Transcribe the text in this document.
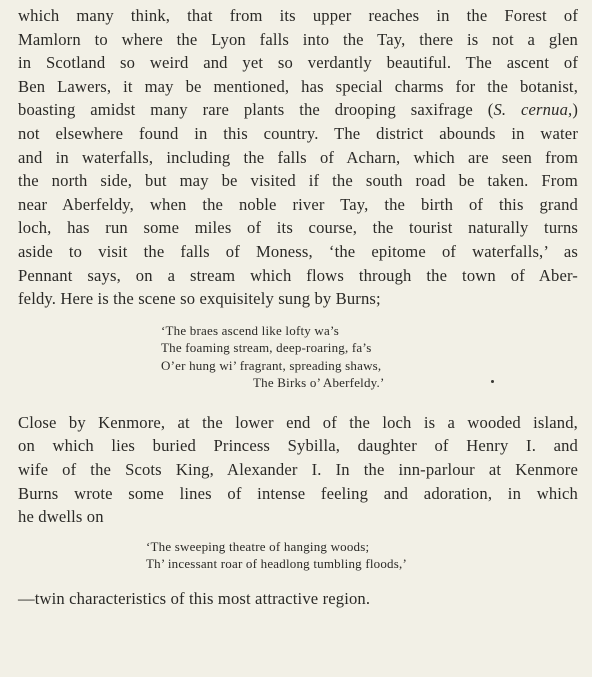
which many think, that from its upper reaches in the Forest of
Mamlorn to where the Lyon falls into the Tay, there is not a glen
in Scotland so weird and yet so verdantly beautiful. The ascent of
Ben Lawers, it may be mentioned, has special charms for the botanist,
boasting amidst many rare plants the drooping saxifrage (S. cernua,)
not elsewhere found in this country. The district abounds in water
and in waterfalls, including the falls of Acharn, which are seen from
the north side, but may be visited if the south road be taken. From
near Aberfeldy, when the noble river Tay, the birth of this grand
loch, has run some miles of its course, the tourist naturally turns
aside to visit the falls of Moness, ‘the epitome of waterfalls,’ as
Pennant says, on a stream which flows through the town of Aber-
feldy. Here is the scene so exquisitely sung by Burns;

‘The braes ascend like lofty wa’s
The foaming stream, deep-roaring, fa’s
O’er hung wi’ fragrant, spreading shaws,
The Birks o’ Aberfeldy.’

Close by Kenmore, at the lower end of the loch is a wooded island,
on which lies buried Princess Sybilla, daughter of Henry I. and
wife of the Scots King, Alexander I. In the inn-parlour at Kenmore
Burns wrote some lines of intense feeling and adoration, in which
he dwells on

‘The sweeping theatre of hanging woods;
Th’ incessant roar of headlong tumbling floods,’

—twin characteristics of this most attractive region.
